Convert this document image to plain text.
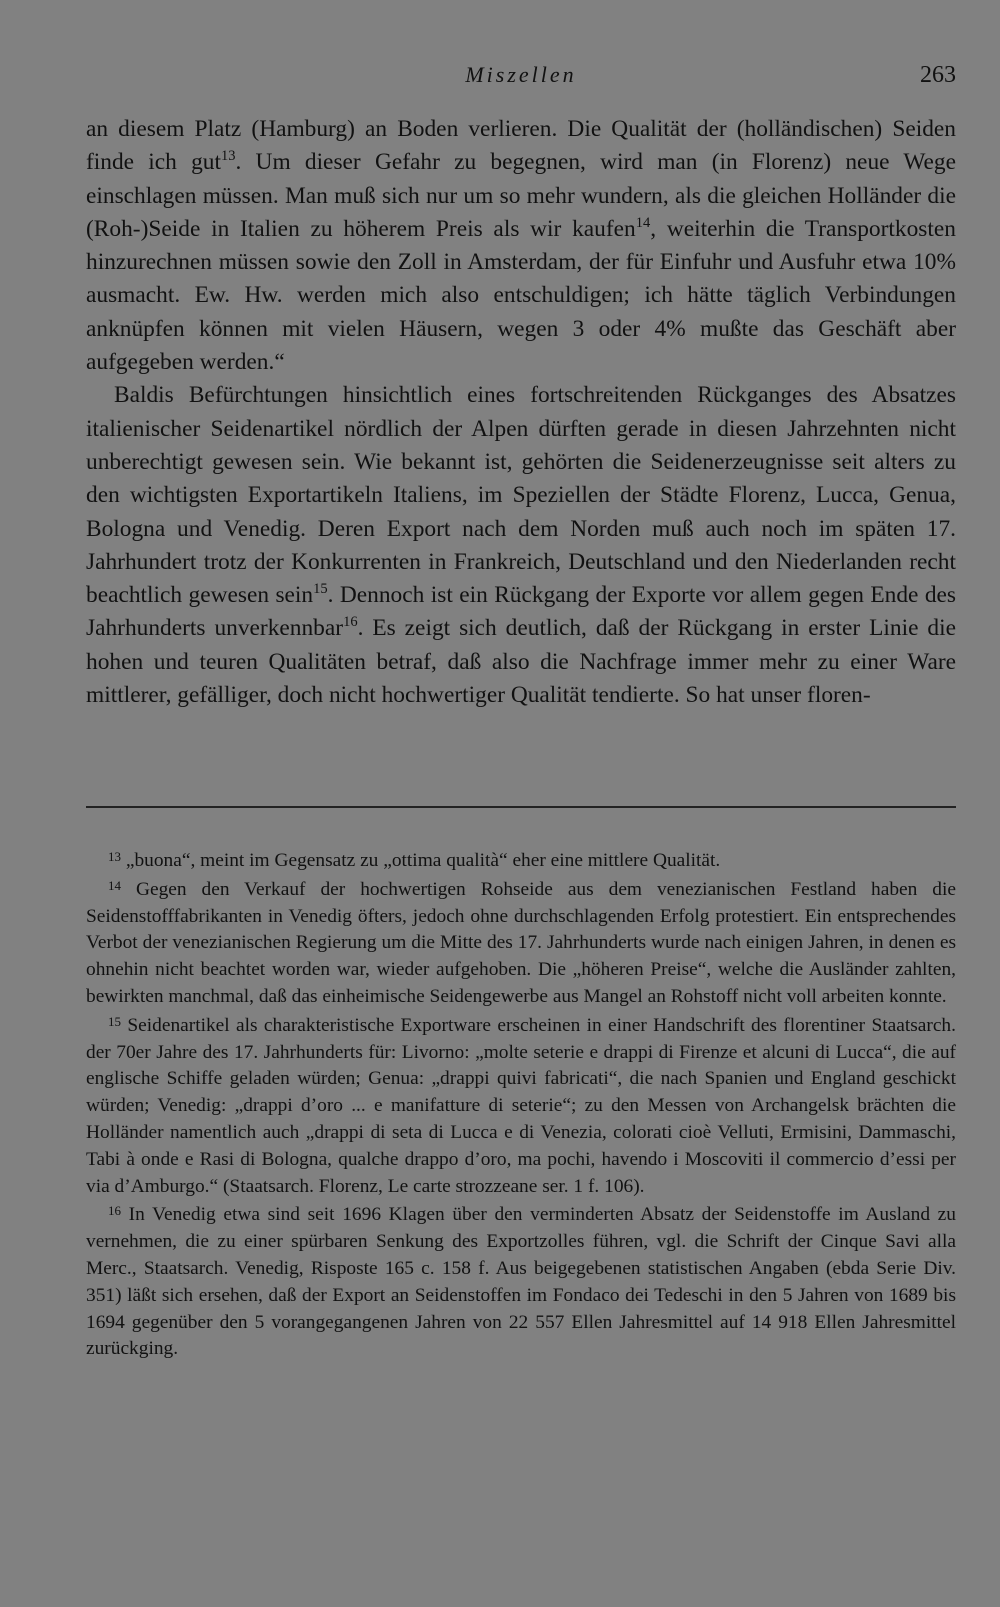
Miszellen	263

an diesem Platz (Hamburg) an Boden verlieren. Die Qualität der (holländischen) Seiden finde ich gut$^{13}$. Um dieser Gefahr zu begegnen, wird man (in Florenz) neue Wege einschlagen müssen. Man muß sich nur um so mehr wundern, als die gleichen Holländer die (Roh-)Seide in Italien zu höherem Preis als wir kaufen$^{14}$, weiterhin die Transportkosten hinzurechnen müssen sowie den Zoll in Amsterdam, der für Einfuhr und Ausfuhr etwa 10% ausmacht. Ew. Hw. werden mich also entschuldigen; ich hätte täglich Verbindungen anknüpfen können mit vielen Häusern, wegen 3 oder 4% mußte das Geschäft aber aufgegeben werden.“

Baldis Befürchtungen hinsichtlich eines fortschreitenden Rückganges des Absatzes italienischer Seidenartikel nördlich der Alpen dürften gerade in diesen Jahrzehnten nicht unberechtigt gewesen sein. Wie bekannt ist, gehörten die Seidenerzeugnisse seit alters zu den wichtigsten Exportartikeln Italiens, im Speziellen der Städte Florenz, Lucca, Genua, Bologna und Venedig. Deren Export nach dem Norden muß auch noch im späten 17. Jahrhundert trotz der Konkurrenten in Frankreich, Deutschland und den Niederlanden recht beachtlich gewesen sein$^{15}$. Dennoch ist ein Rückgang der Exporte vor allem gegen Ende des Jahrhunderts unverkennbar$^{16}$. Es zeigt sich deutlich, daß der Rückgang in erster Linie die hohen und teuren Qualitäten betraf, daß also die Nachfrage immer mehr zu einer Ware mittlerer, gefälliger, doch nicht hochwertiger Qualität tendierte. So hat unser floren-

$^{13}$ „buona“, meint im Gegensatz zu „ottima qualità“ eher eine mittlere Qualität.

$^{14}$ Gegen den Verkauf der hochwertigen Rohseide aus dem venezianischen Festland haben die Seidenstofffabrikanten in Venedig öfters, jedoch ohne durchschlagenden Erfolg protestiert. Ein entsprechendes Verbot der venezianischen Regierung um die Mitte des 17. Jahrhunderts wurde nach einigen Jahren, in denen es ohnehin nicht beachtet worden war, wieder aufgehoben. Die „höheren Preise“, welche die Ausländer zahlten, bewirkten manchmal, daß das einheimische Seidengewerbe aus Mangel an Rohstoff nicht voll arbeiten konnte.

$^{15}$ Seidenartikel als charakteristische Exportware erscheinen in einer Handschrift des florentiner Staatsarch. der 70er Jahre des 17. Jahrhunderts für: Livorno: „molte seterie e drappi di Firenze et alcuni di Lucca“, die auf englische Schiffe geladen würden; Genua: „drappi quivi fabricati“, die nach Spanien und England geschickt würden; Venedig: „drappi d’oro ... e manifatture di seterie“; zu den Messen von Archangelsk brächten die Holländer namentlich auch „drappi di seta di Lucca e di Venezia, colorati cioè Velluti, Ermisini, Dammaschi, Tabi à onde e Rasi di Bologna, qualche drappo d’oro, ma pochi, havendo i Moscoviti il commercio d’essi per via d’Amburgo.“ (Staatsarch. Florenz, Le carte strozzeane ser. 1 f. 106).

$^{16}$ In Venedig etwa sind seit 1696 Klagen über den verminderten Absatz der Seidenstoffe im Ausland zu vernehmen, die zu einer spürbaren Senkung des Exportzolles führen, vgl. die Schrift der Cinque Savi alla Merc., Staatsarch. Venedig, Risposte 165 c. 158 f. Aus beigegebenen statistischen Angaben (ebda Serie Div. 351) läßt sich ersehen, daß der Export an Seidenstoffen im Fondaco dei Tedeschi in den 5 Jahren von 1689 bis 1694 gegenüber den 5 vorangegangenen Jahren von 22 557 Ellen Jahresmittel auf 14 918 Ellen Jahresmittel zurückging.
